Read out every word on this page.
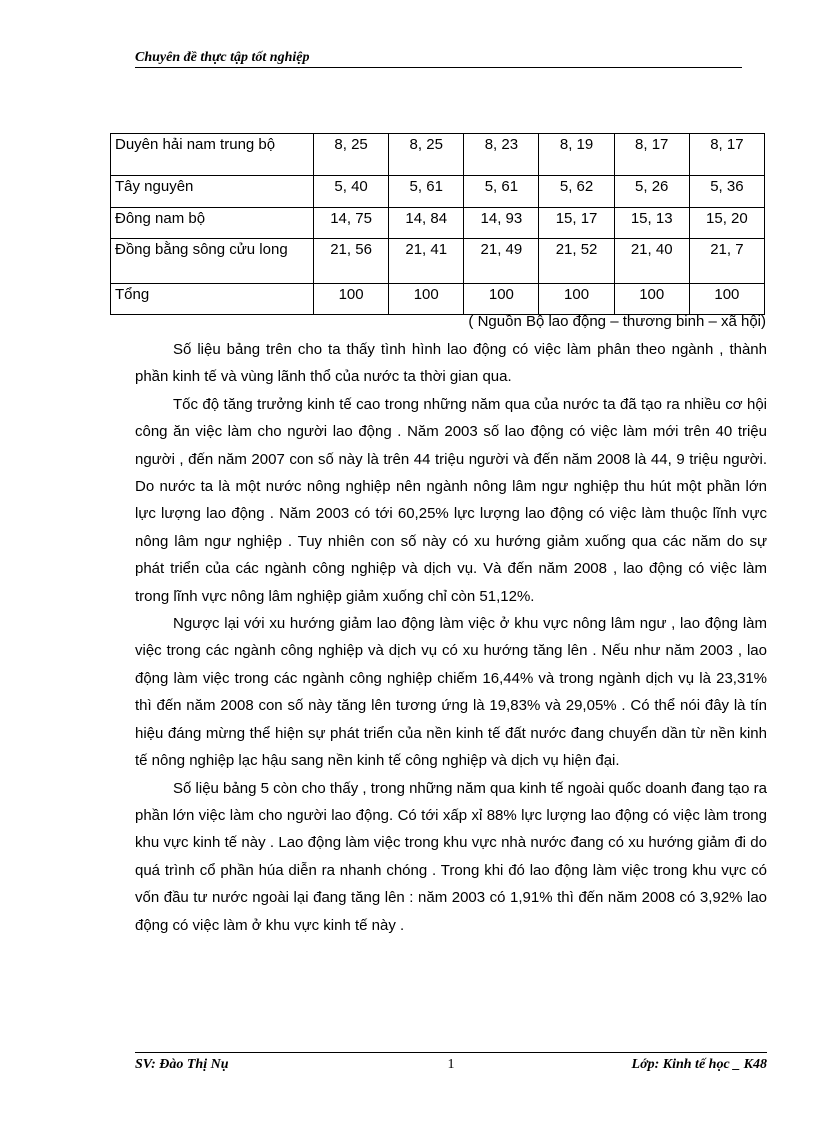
Chuyên đề thực tập tốt nghiệp
Duyên hải nam trung bộ	8, 25	8, 25	8, 23	8, 19	8, 17	8, 17
Tây nguyên	5, 40	5, 61	5, 61	5, 62	5, 26	5, 36
Đông nam bộ	14, 75	14, 84	14, 93	15, 17	15, 13	15, 20
Đồng bằng sông cửu long	21, 56	21, 41	21, 49	21, 52	21, 40	21, 7
Tổng	100	100	100	100	100	100
( Nguồn Bộ lao động – thương binh – xã hội)

Số liệu bảng trên cho ta thấy tình hình lao động có việc làm phân theo ngành , thành phần kinh tế và vùng lãnh thổ của nước ta thời gian qua.

Tốc độ tăng trưởng kinh tế cao trong những năm qua của nước ta đã tạo ra nhiều cơ hội công ăn việc làm cho người lao động . Năm 2003 số lao động có việc làm mới trên 40 triệu người , đến năm 2007 con số này là trên 44 triệu người và đến năm 2008 là 44, 9 triệu người. Do nước ta là một nước nông nghiệp nên ngành nông lâm ngư nghiệp thu hút một phần lớn lực lượng lao động . Năm 2003 có tới 60,25% lực lượng lao động có việc làm thuộc lĩnh vực nông lâm ngư nghiệp . Tuy nhiên con số này có xu hướng giảm xuống qua các năm do sự phát triển của các ngành công nghiệp và dịch vụ. Và đến năm 2008 , lao động có việc làm trong lĩnh vực nông lâm nghiệp giảm xuống chỉ còn 51,12%.

Ngược lại với xu hướng giảm lao động làm việc ở khu vực nông lâm ngư , lao động làm việc trong các ngành công nghiệp và dịch vụ có xu hướng tăng lên . Nếu như năm 2003 , lao động làm việc trong các ngành công nghiệp chiếm 16,44% và trong ngành dịch vụ là 23,31% thì đến năm 2008 con số này tăng lên tương ứng là 19,83% và 29,05% . Có thể nói đây là tín hiệu đáng mừng thể hiện sự phát triển của nền kinh tế đất nước đang chuyển dần từ nền kinh tế nông nghiệp lạc hậu sang nền kinh tế công nghiệp và dịch vụ hiện đại.

Số liệu bảng 5 còn cho thấy , trong những năm qua kinh tế ngoài quốc doanh đang tạo ra phần lớn việc làm cho người lao động. Có tới xấp xỉ 88% lực lượng lao động có việc làm trong khu vực kinh tế này . Lao động làm việc trong khu vực nhà nước đang có xu hướng giảm đi do quá trình cổ phần húa diễn ra nhanh chóng . Trong khi đó lao động làm việc trong khu vực có vốn đầu tư nước ngoài lại đang tăng lên : năm 2003 có 1,91% thì đến năm 2008 có 3,92% lao động có việc làm ở khu vực kinh tế này .

SV: Đào Thị Nụ	1	Lớp: Kinh tế học _ K48
